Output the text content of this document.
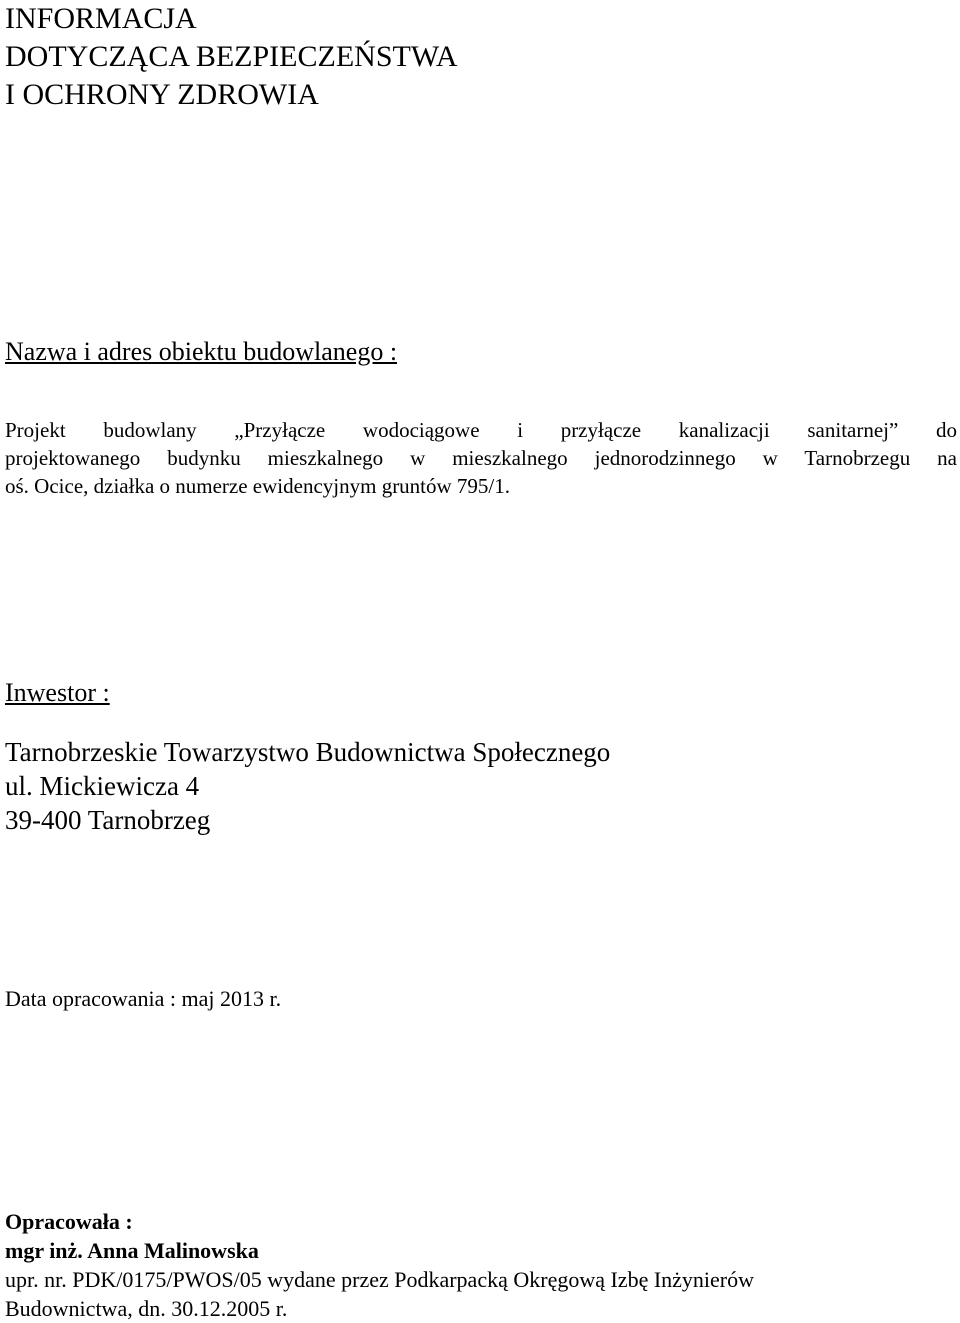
INFORMACJA
DOTYCZĄCA BEZPIECZEŃSTWA
I OCHRONY ZDROWIA
Nazwa i adres obiektu budowlanego :
Projekt budowlany „Przyłącze wodociągowe i przyłącze kanalizacji sanitarnej” do
projektowanego budynku mieszkalnego w mieszkalnego jednorodzinnego w Tarnobrzegu na
oś. Ocice, działka o numerze ewidencyjnym gruntów 795/1.
Inwestor :
Tarnobrzeskie Towarzystwo Budownictwa Społecznego
ul. Mickiewicza 4
39-400 Tarnobrzeg
Data opracowania : maj 2013 r.
Opracowała :
mgr inż. Anna Malinowska
upr. nr. PDK/0175/PWOS/05 wydane przez Podkarpacką Okręgową Izbę Inżynierów
Budownictwa, dn. 30.12.2005 r.
